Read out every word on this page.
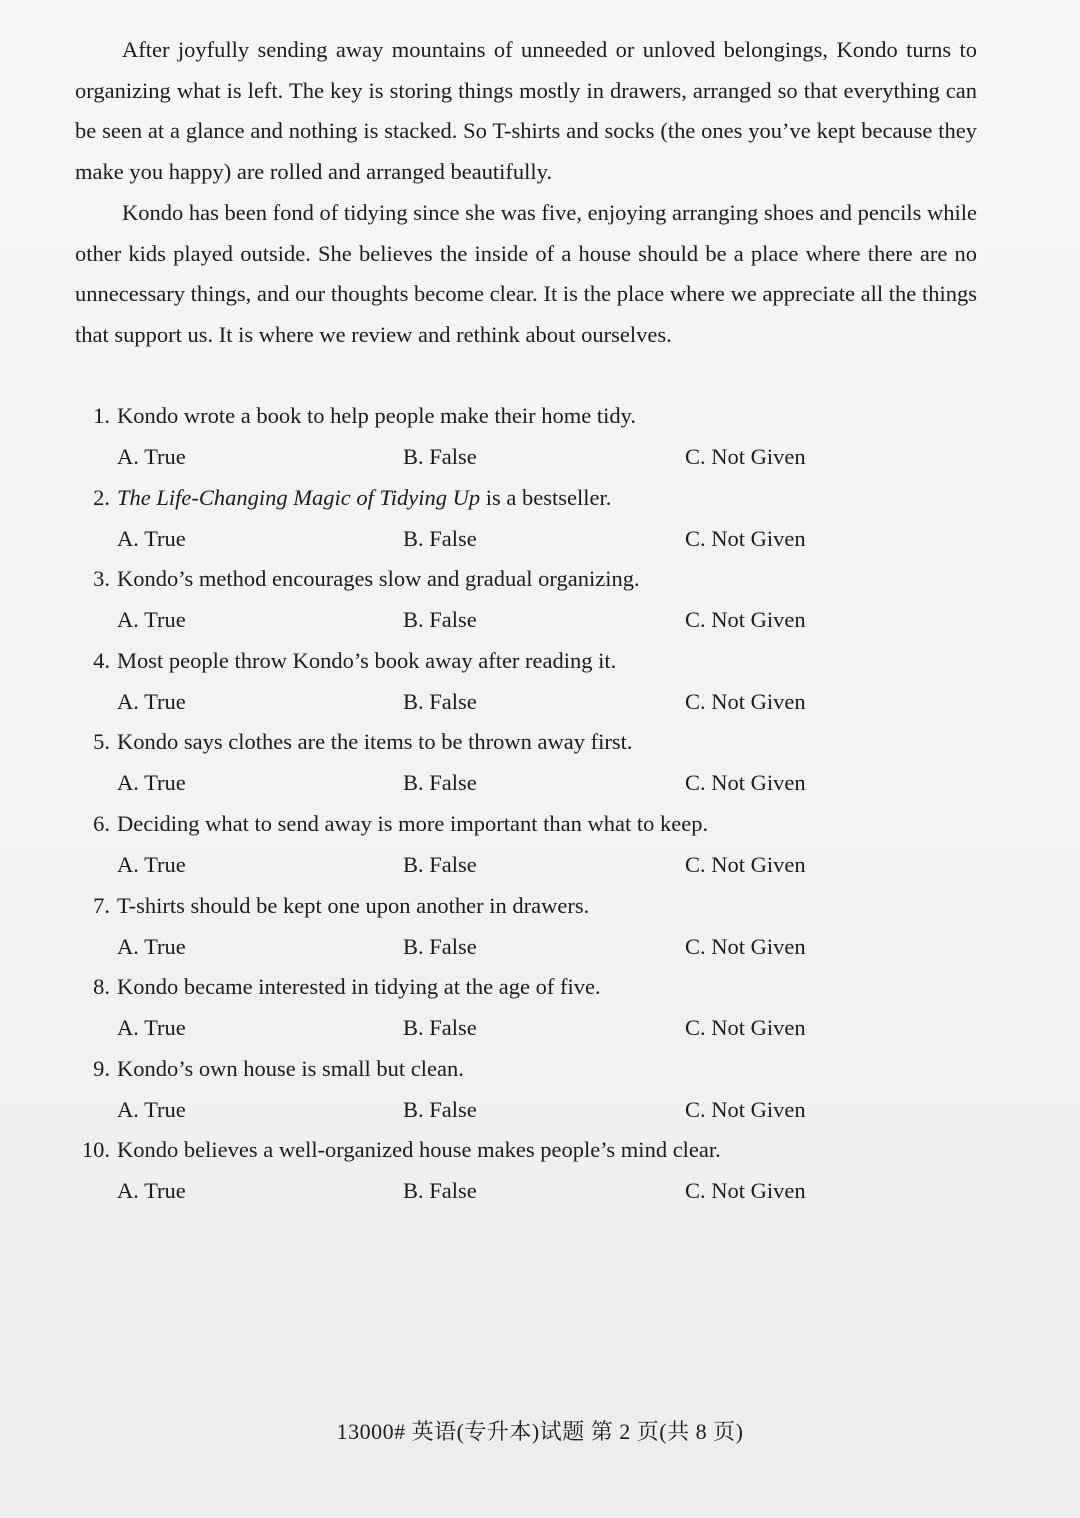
After joyfully sending away mountains of unneeded or unloved belongings, Kondo turns to organizing what is left. The key is storing things mostly in drawers, arranged so that everything can be seen at a glance and nothing is stacked. So T-shirts and socks (the ones you’ve kept because they make you happy) are rolled and arranged beautifully.

Kondo has been fond of tidying since she was five, enjoying arranging shoes and pencils while other kids played outside. She believes the inside of a house should be a place where there are no unnecessary things, and our thoughts become clear. It is the place where we appreciate all the things that support us. It is where we review and rethink about ourselves.

1. Kondo wrote a book to help people make their home tidy.
A. True	B. False	C. Not Given
2. The Life-Changing Magic of Tidying Up is a bestseller.
A. True	B. False	C. Not Given
3. Kondo’s method encourages slow and gradual organizing.
A. True	B. False	C. Not Given
4. Most people throw Kondo’s book away after reading it.
A. True	B. False	C. Not Given
5. Kondo says clothes are the items to be thrown away first.
A. True	B. False	C. Not Given
6. Deciding what to send away is more important than what to keep.
A. True	B. False	C. Not Given
7. T-shirts should be kept one upon another in drawers.
A. True	B. False	C. Not Given
8. Kondo became interested in tidying at the age of five.
A. True	B. False	C. Not Given
9. Kondo’s own house is small but clean.
A. True	B. False	C. Not Given
10. Kondo believes a well-organized house makes people’s mind clear.
A. True	B. False	C. Not Given
13000# 英语(专升本)试题 第 2 页(共 8 页)
